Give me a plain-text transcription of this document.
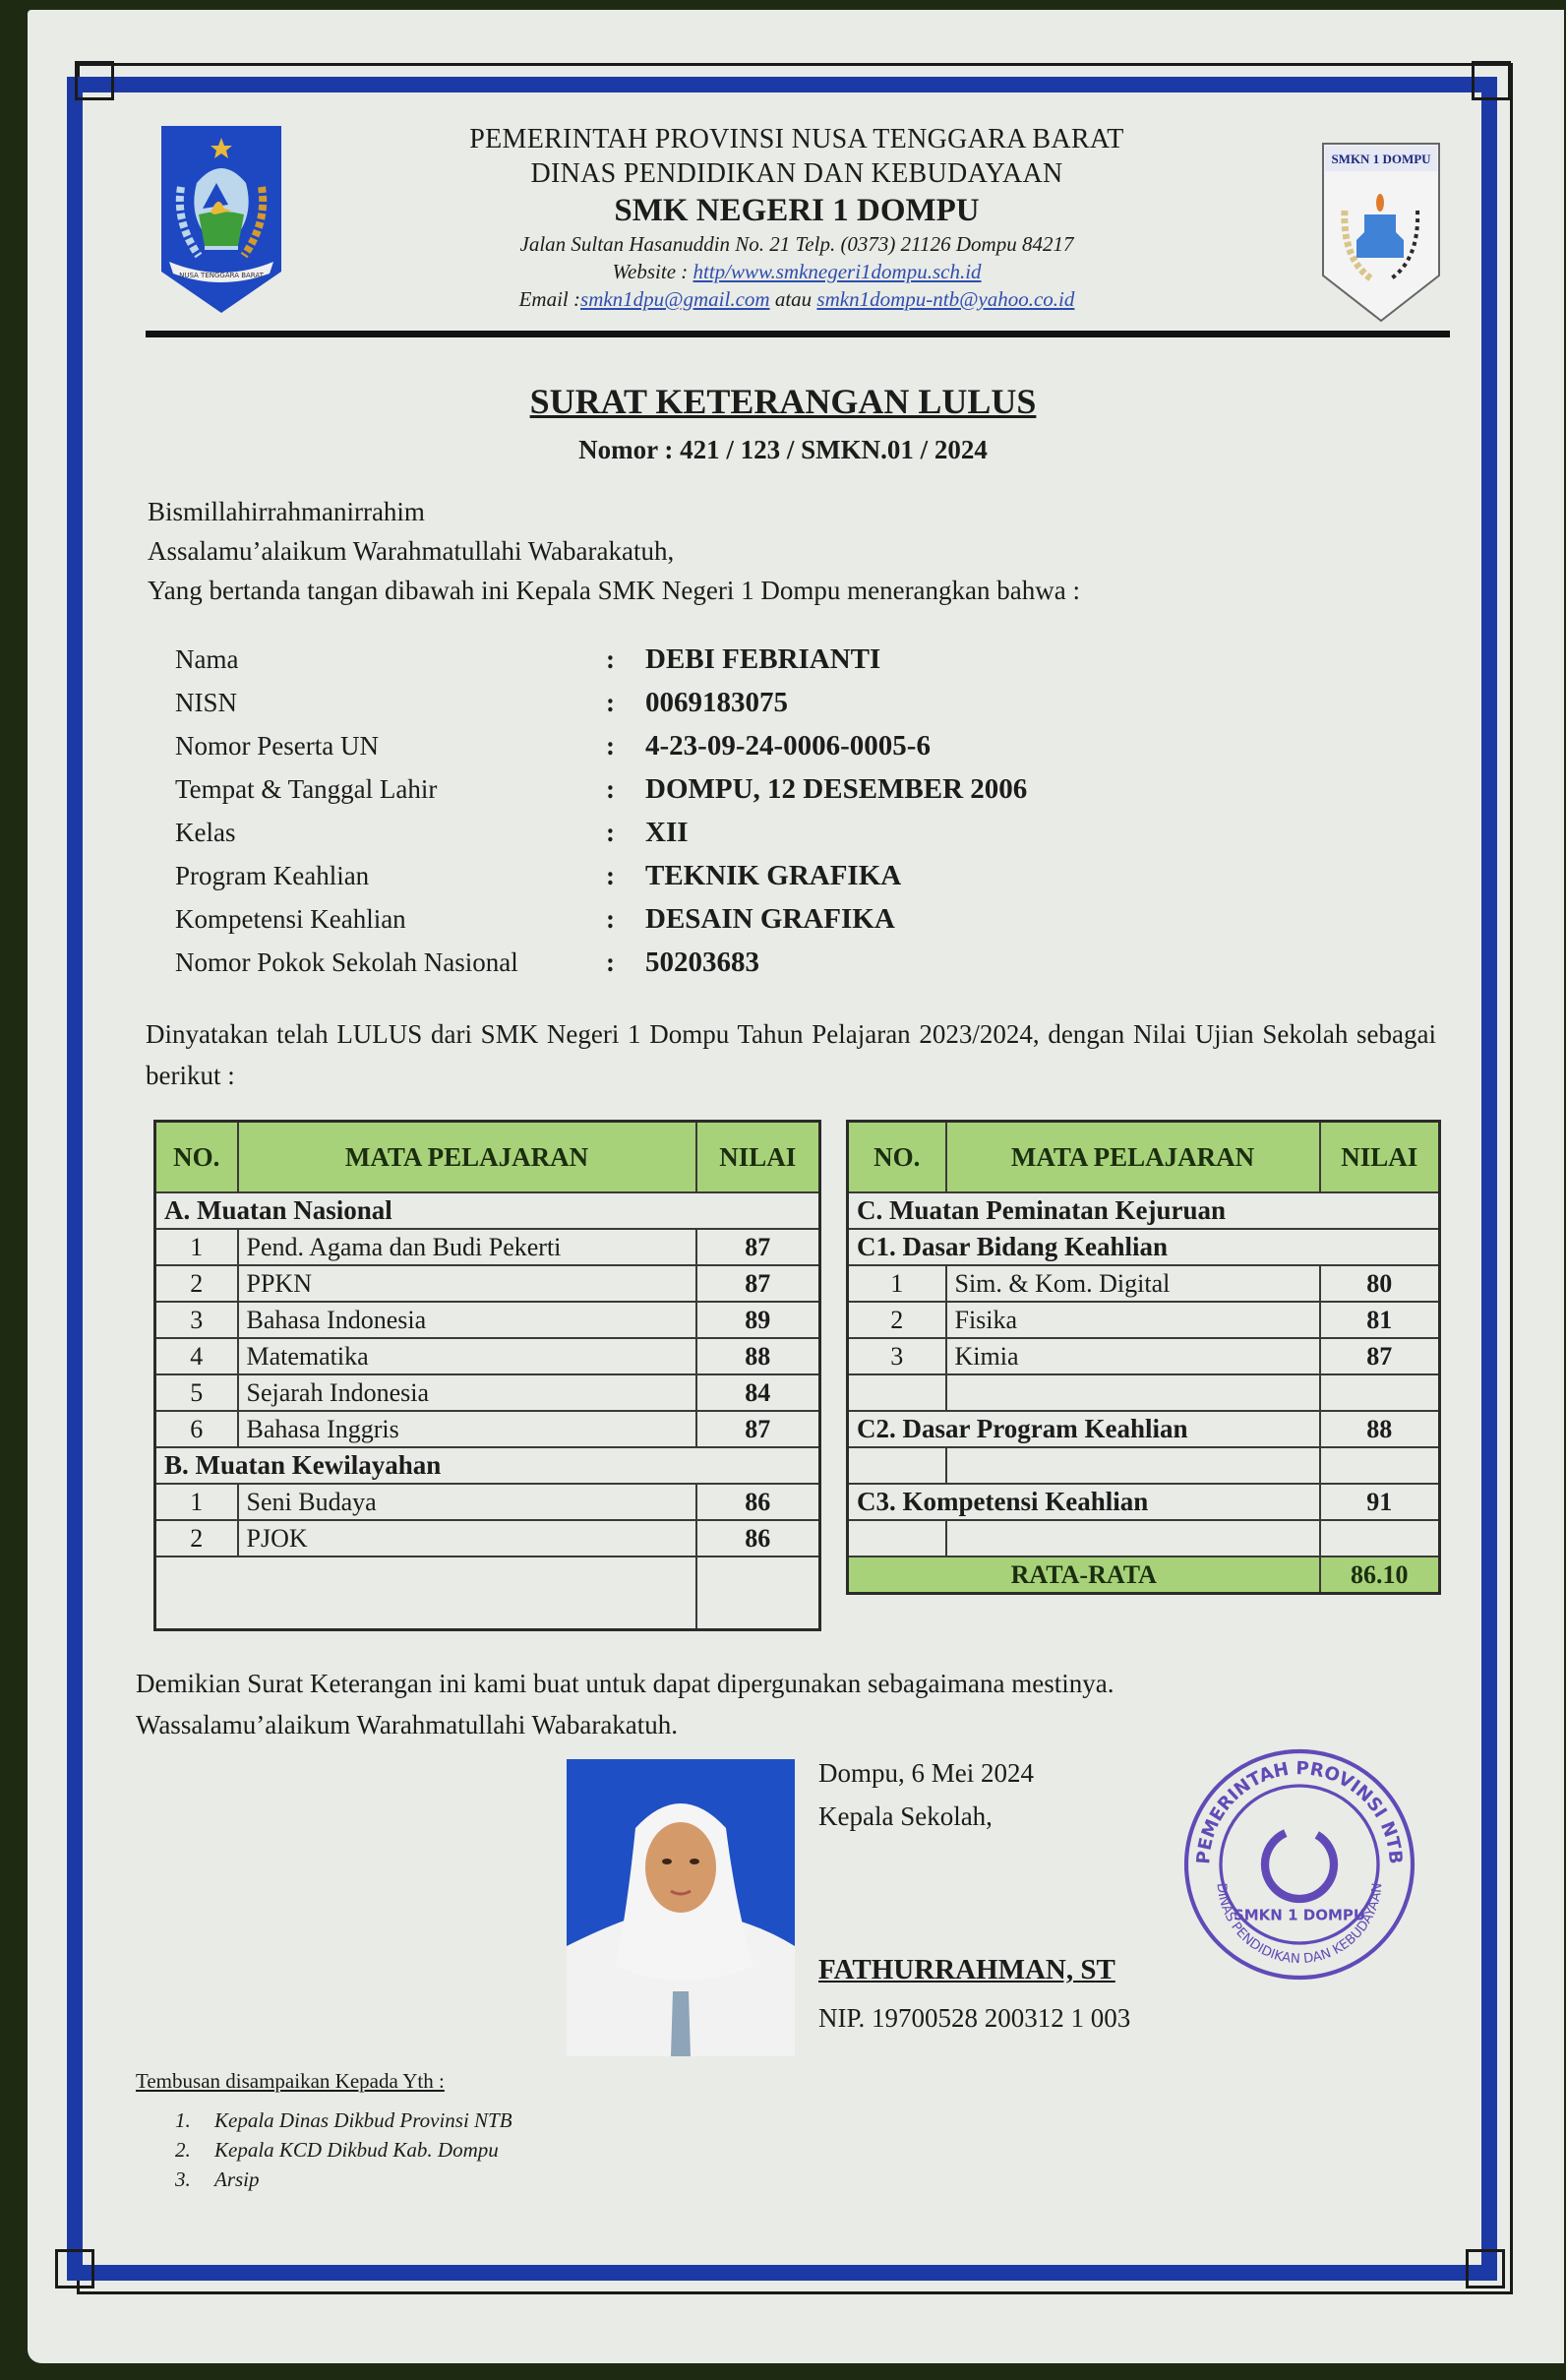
NUSA TENGGARA BARAT
PEMERINTAH PROVINSI NUSA TENGGARA BARAT
DINAS PENDIDIKAN DAN KEBUDAYAAN
SMK NEGERI 1 DOMPU
Jalan Sultan Hasanuddin No. 21 Telp. (0373) 21126 Dompu 84217
Website : http/www.smknegeri1dompu.sch.id
Email :smkn1dpu@gmail.com atau smkn1dompu-ntb@yahoo.co.id
SMKN 1 DOMPU
SURAT KETERANGAN LULUS
Nomor : 421 / 123 / SMKN.01 / 2024
Bismillahirrahmanirrahim
Assalamu’alaikum Warahmatullahi Wabarakatuh,
Yang bertanda tangan dibawah ini Kepala SMK Negeri 1 Dompu menerangkan bahwa :
Nama	:	DEBI FEBRIANTI
NISN	:	0069183075
Nomor Peserta UN	:	4-23-09-24-0006-0005-6
Tempat & Tanggal Lahir	:	DOMPU, 12 DESEMBER 2006
Kelas	:	XII
Program Keahlian	:	TEKNIK GRAFIKA
Kompetensi Keahlian	:	DESAIN GRAFIKA
Nomor Pokok Sekolah Nasional	:	50203683
Dinyatakan telah LULUS dari SMK Negeri 1 Dompu Tahun Pelajaran 2023/2024, dengan Nilai Ujian Sekolah sebagai berikut :
NO.	MATA PELAJARAN	NILAI
A. Muatan Nasional		
1	Pend. Agama dan Budi Pekerti	87
2	PPKN	87
3	Bahasa Indonesia	89
4	Matematika	88
5	Sejarah Indonesia	84
6	Bahasa Inggris	87
B. Muatan Kewilayahan		
1	Seni Budaya	86
2	PJOK	86

NO.	MATA PELAJARAN	NILAI
C. Muatan Peminatan Kejuruan		
C1. Dasar Bidang Keahlian		
1	Sim. & Kom. Digital	80
2	Fisika	81
3	Kimia	87

C2. Dasar Program Keahlian		88

C3. Kompetensi Keahlian		91

RATA-RATA		86.10
Demikian Surat Keterangan ini kami buat untuk dapat dipergunakan sebagaimana mestinya.
Wassalamu’alaikum Warahmatullahi Wabarakatuh.
Dompu, 6 Mei 2024
Kepala Sekolah,
FATHURRAHMAN, ST
NIP. 19700528 200312 1 003
PEMERINTAH PROVINSI NTB
DINAS PENDIDIKAN DAN KEBUDAYAAN
SMKN 1 DOMPU
Tembusan disampaikan Kepada Yth :
1.	Kepala Dinas Dikbud Provinsi NTB
2.	Kepala KCD Dikbud Kab. Dompu
3.	Arsip
